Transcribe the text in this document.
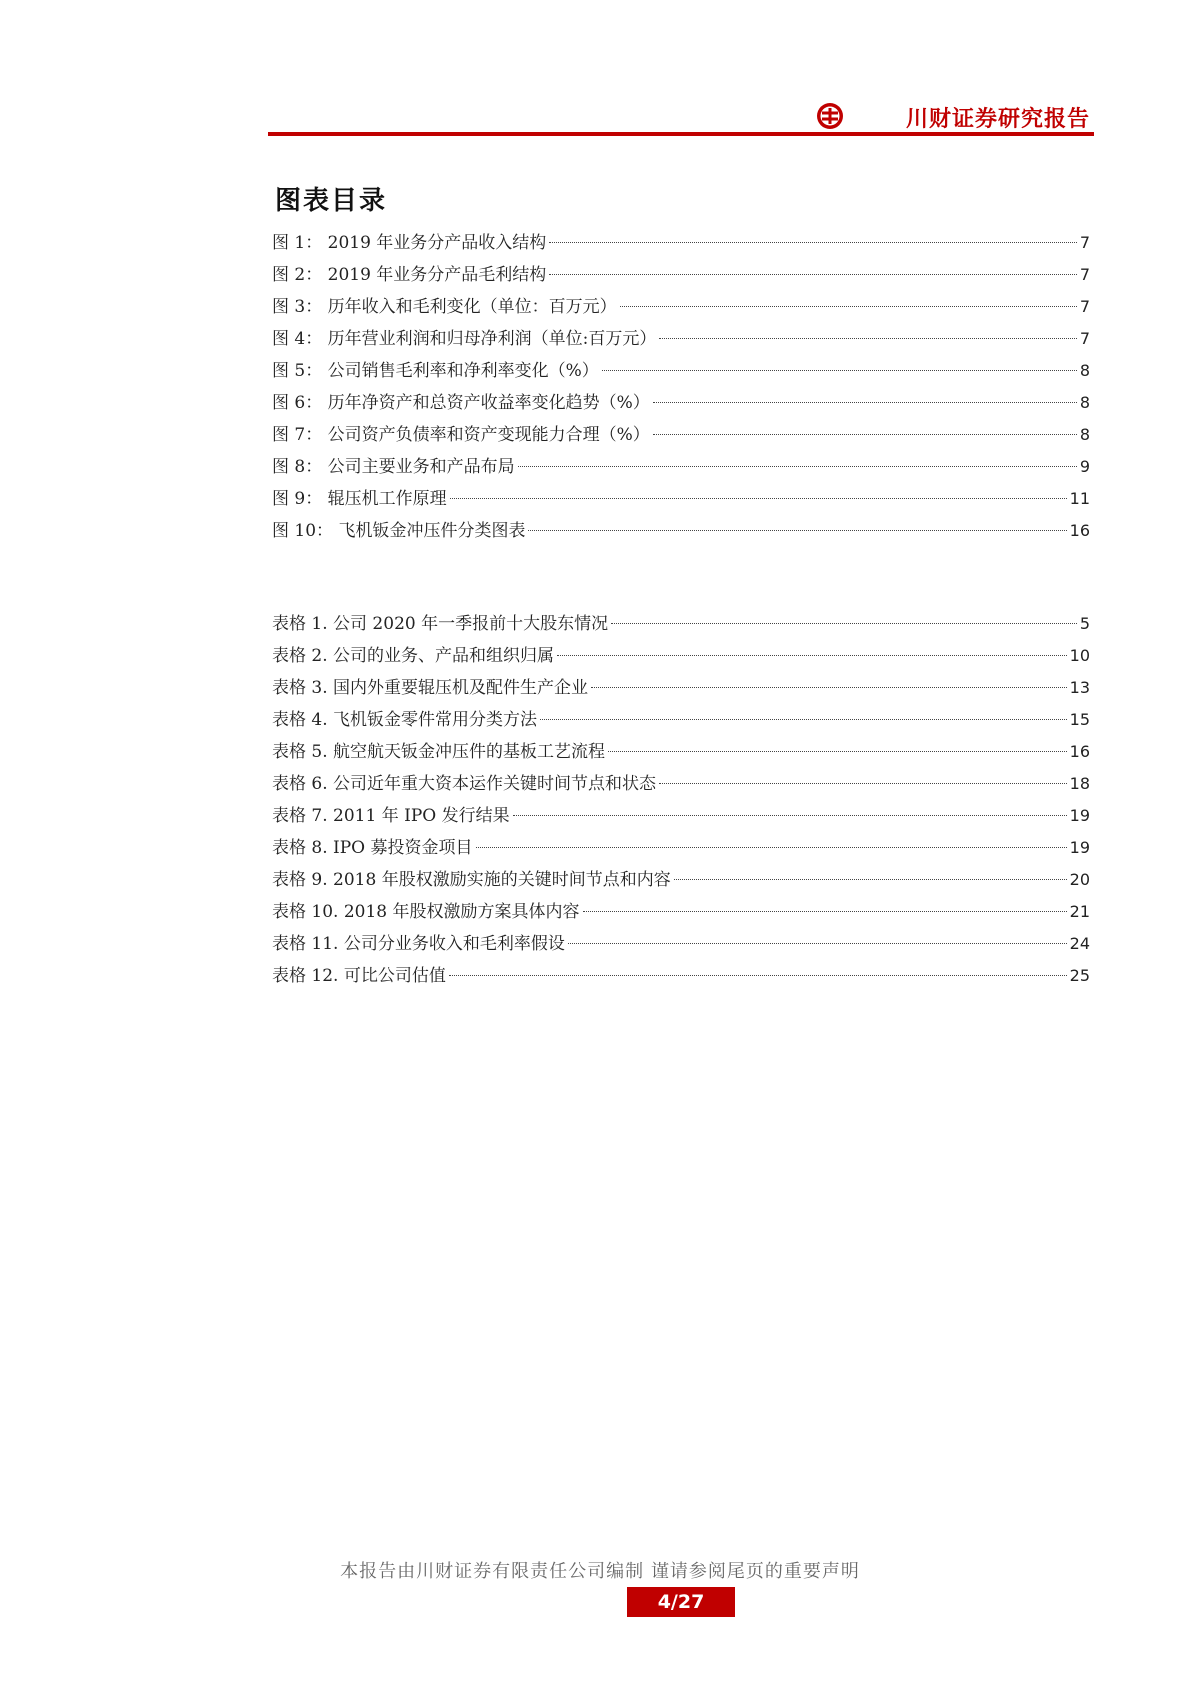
川财证券研究报告
图表目录
图 1： 2019 年业务分产品收入结构	7
图 2： 2019 年业务分产品毛利结构	7
图 3： 历年收入和毛利变化（单位：百万元）	7
图 4： 历年营业利润和归母净利润（单位:百万元）	7
图 5： 公司销售毛利率和净利率变化（%）	8
图 6： 历年净资产和总资产收益率变化趋势（%）	8
图 7： 公司资产负债率和资产变现能力合理（%）	8
图 8： 公司主要业务和产品布局	9
图 9： 辊压机工作原理	11
图 10： 飞机钣金冲压件分类图表	16
表格 1. 公司 2020 年一季报前十大股东情况	5
表格 2. 公司的业务、产品和组织归属	10
表格 3. 国内外重要辊压机及配件生产企业	13
表格 4. 飞机钣金零件常用分类方法	15
表格 5. 航空航天钣金冲压件的基板工艺流程	16
表格 6. 公司近年重大资本运作关键时间节点和状态	18
表格 7. 2011 年 IPO 发行结果	19
表格 8. IPO 募投资金项目	19
表格 9. 2018 年股权激励实施的关键时间节点和内容	20
表格 10. 2018 年股权激励方案具体内容	21
表格 11. 公司分业务收入和毛利率假设	24
表格 12. 可比公司估值	25
本报告由川财证券有限责任公司编制 谨请参阅尾页的重要声明
4/27
